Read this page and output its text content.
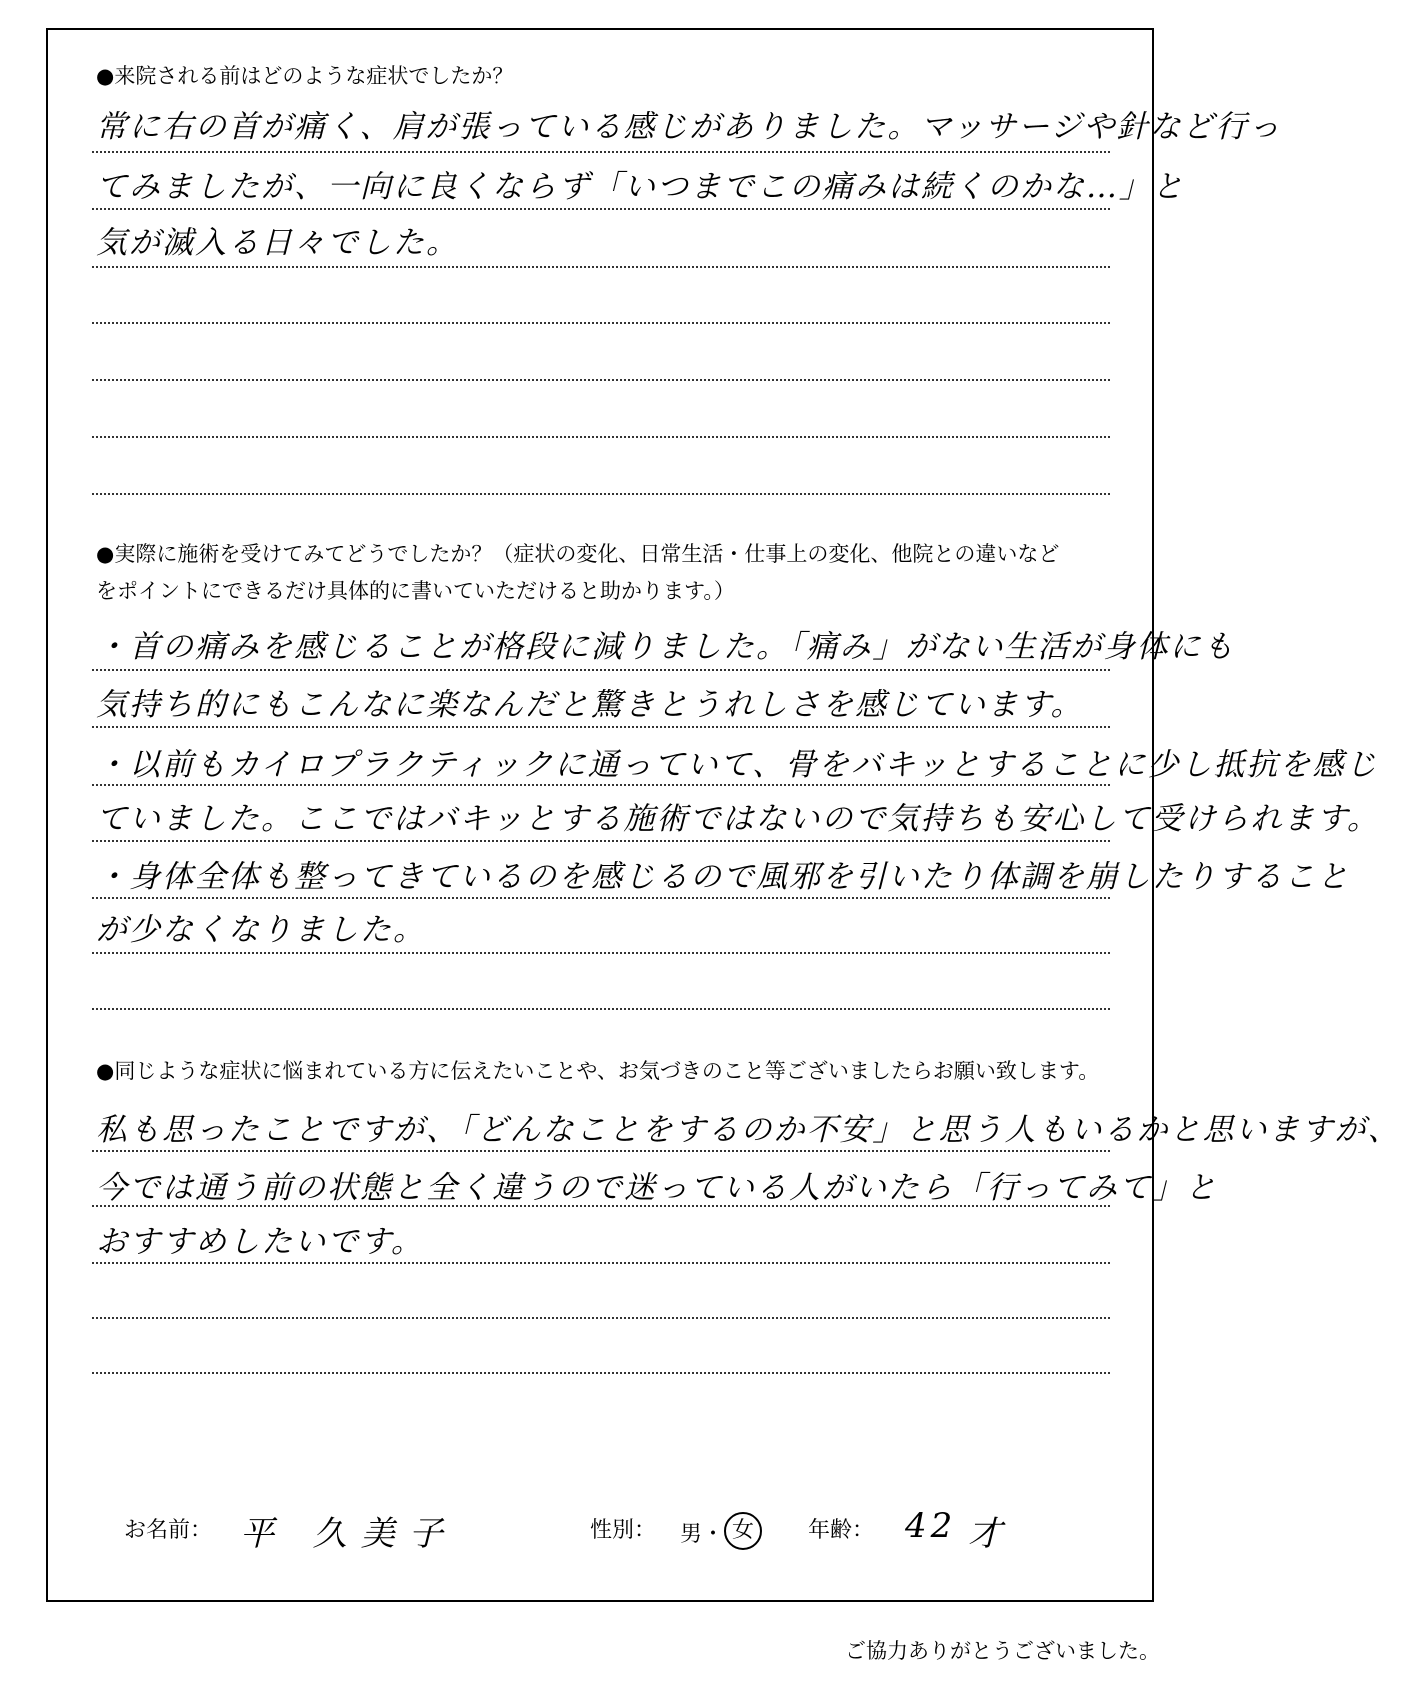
●来院される前はどのような症状でしたか？
常に右の首が痛く、肩が張っている感じがありました。マッサージや針など行っ
てみましたが、一向に良くならず「いつまでこの痛みは続くのかな…」と
気が滅入る日々でした。
●実際に施術を受けてみてどうでしたか？（症状の変化、日常生活・仕事上の変化、他院との違いなど
をポイントにできるだけ具体的に書いていただけると助かります。）
・首の痛みを感じることが格段に減りました。「痛み」がない生活が身体にも
気持ち的にもこんなに楽なんだと驚きとうれしさを感じています。
・以前もカイロプラクティックに通っていて、骨をバキッとすることに少し抵抗を感じ
ていました。ここではバキッとする施術ではないので気持ちも安心して受けられます。
・身体全体も整ってきているのを感じるので風邪を引いたり体調を崩したりすること
が少なくなりました。
●同じような症状に悩まれている方に伝えたいことや、お気づきのこと等ございましたらお願い致します。
私も思ったことですが、「どんなことをするのか不安」と思う人もいるかと思いますが、
今では通う前の状態と全く違うので迷っている人がいたら「行ってみて」と
おすすめしたいです。
お名前： 平 久美子	性別： 男・ 女	年齢： 42 才
ご協力ありがとうございました。
